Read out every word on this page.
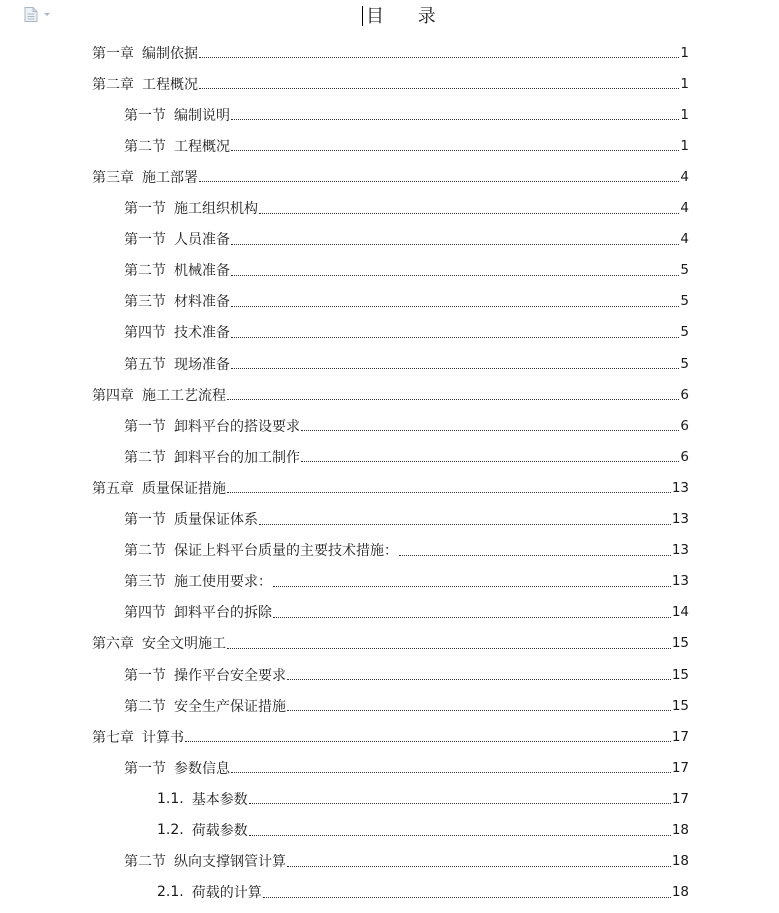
目 录
第一章 编制依据	1
第二章 工程概况	1
第一节 编制说明	1
第二节 工程概况	1
第三章 施工部署	4
第一节 施工组织机构	4
第一节 人员准备	4
第二节 机械准备	5
第三节 材料准备	5
第四节 技术准备	5
第五节 现场准备	5
第四章 施工工艺流程	6
第一节 卸料平台的搭设要求	6
第二节 卸料平台的加工制作	6
第五章 质量保证措施	13
第一节 质量保证体系	13
第二节 保证上料平台质量的主要技术措施：	13
第三节 施工使用要求：	13
第四节 卸料平台的拆除	14
第六章 安全文明施工	15
第一节 操作平台安全要求	15
第二节 安全生产保证措施	15
第七章 计算书	17
第一节 参数信息	17
1.1. 基本参数	17
1.2. 荷载参数	18
第二节 纵向支撑钢管计算	18
2.1. 荷载的计算	18
